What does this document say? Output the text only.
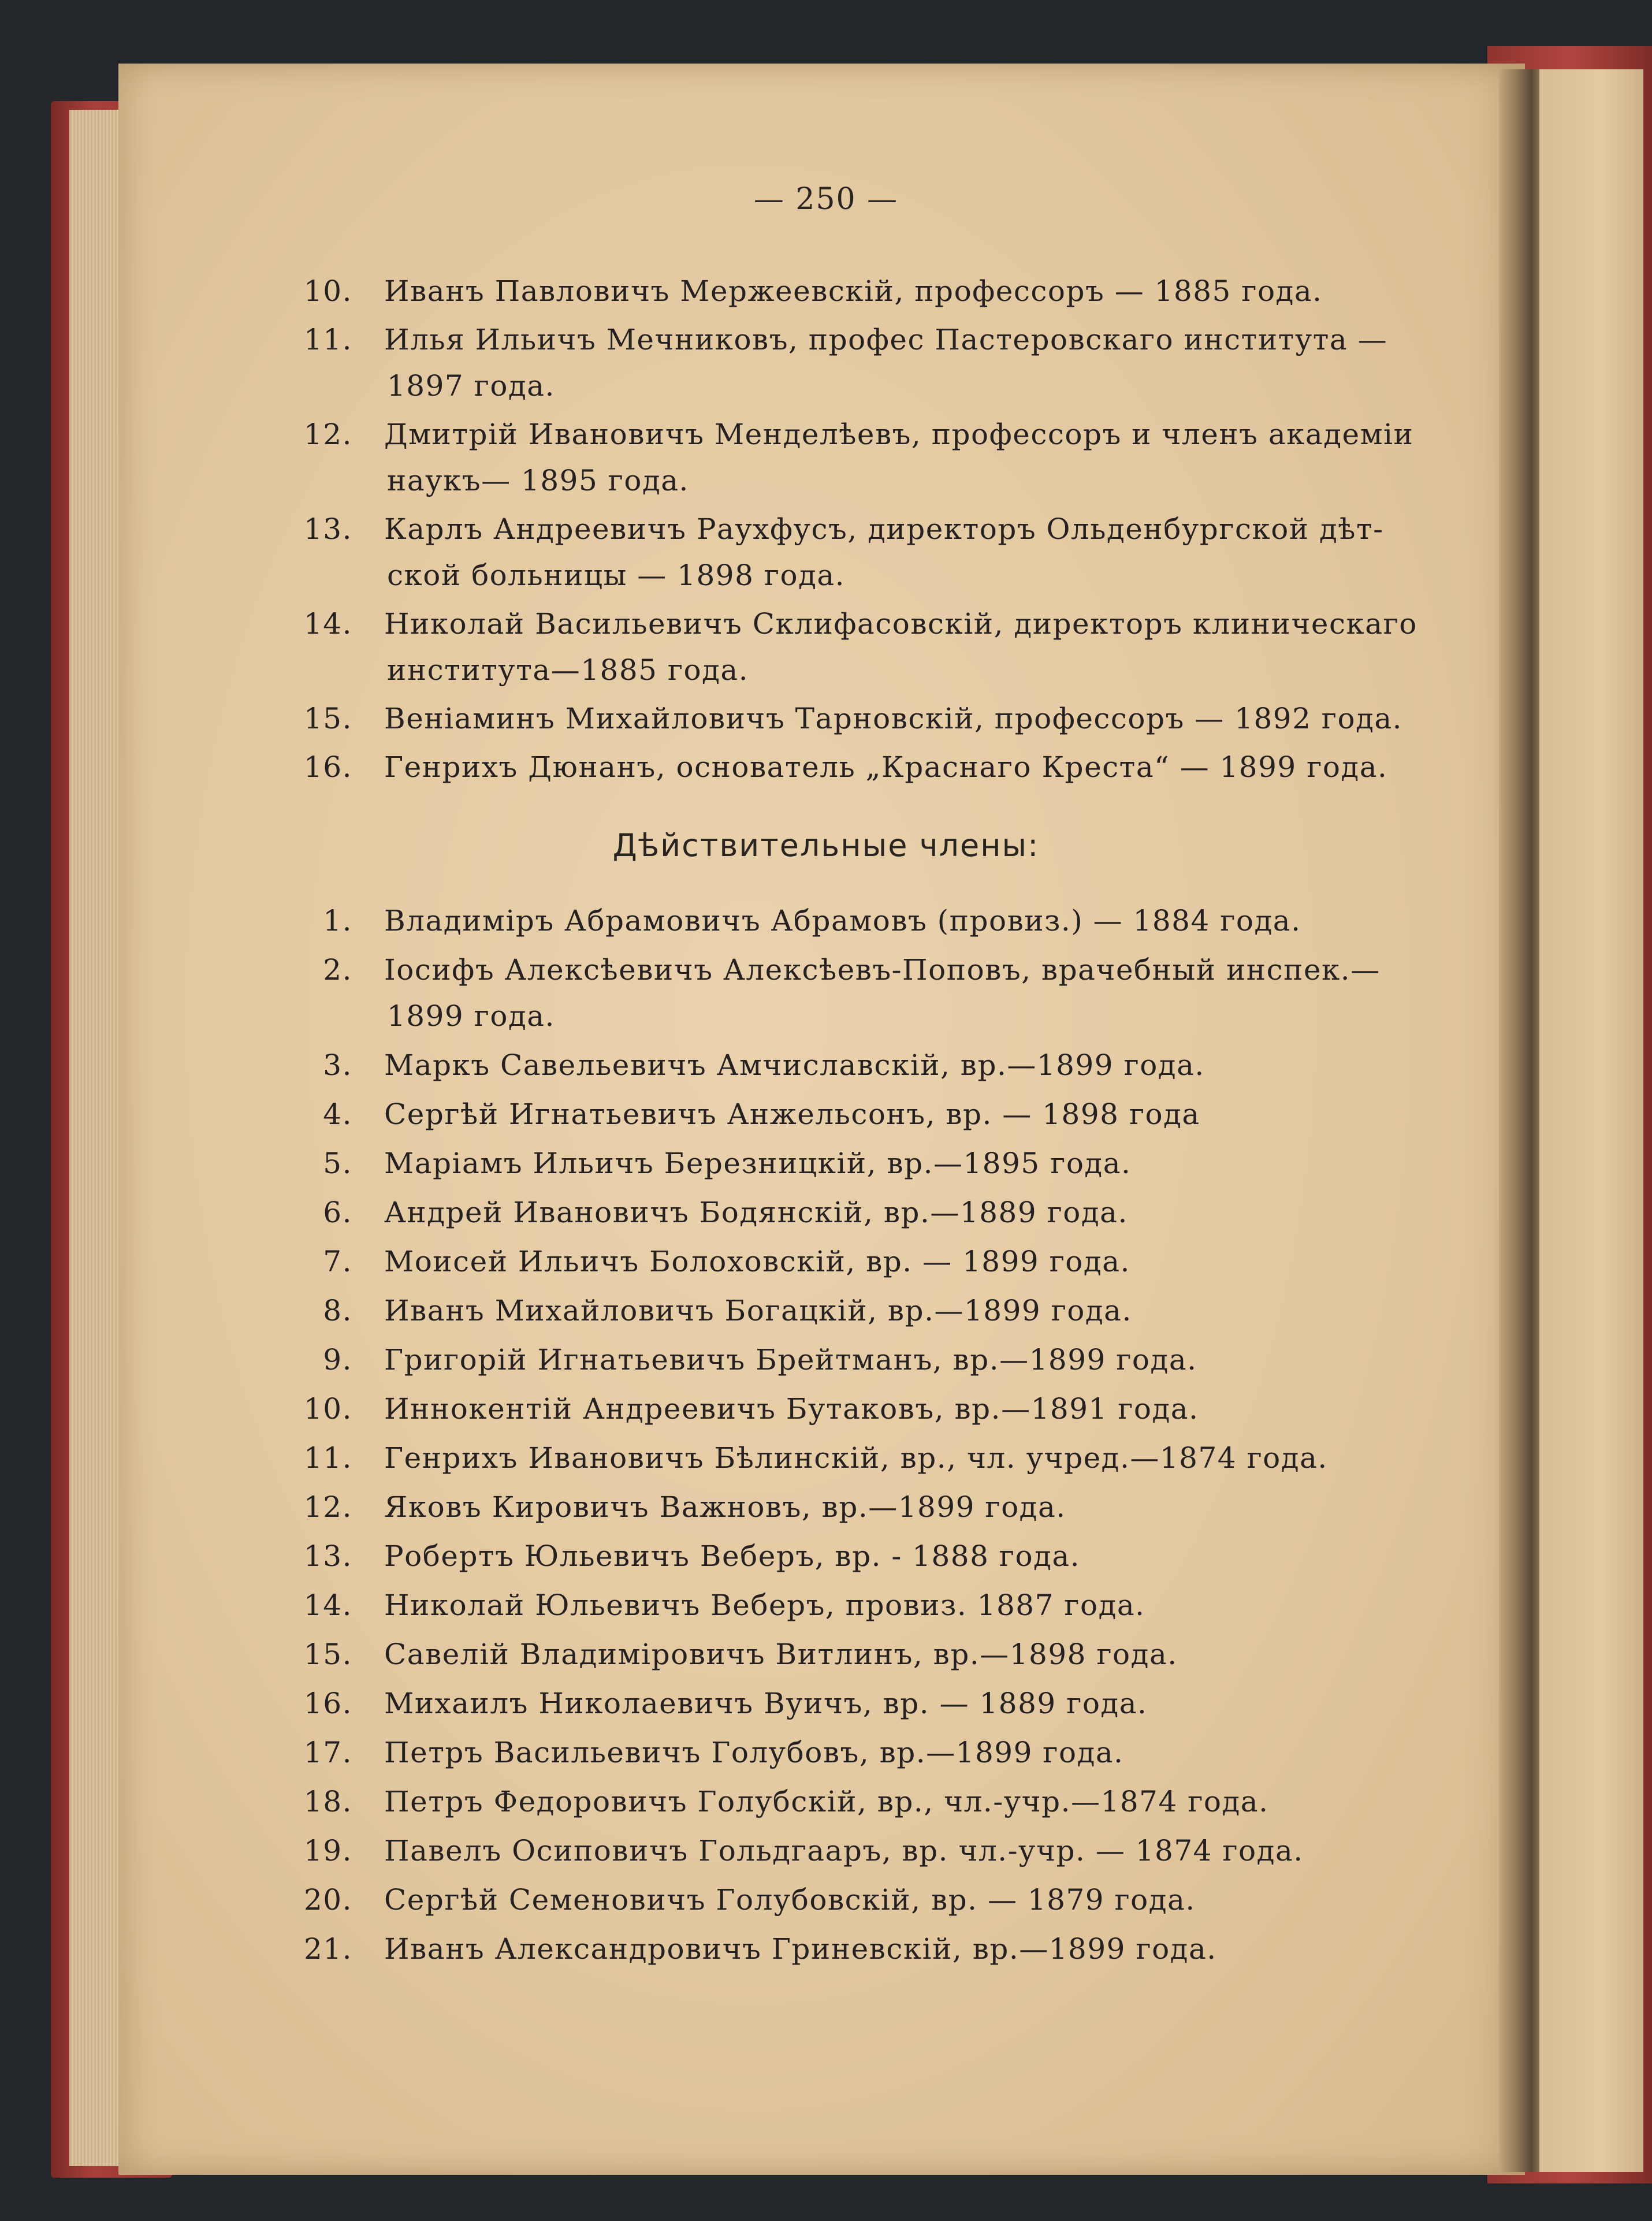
— 250 —
10. Иванъ Павловичъ Мержеевскій, профессоръ — 1885 года.
11. Илья Ильичъ Мечниковъ, профес Пастеровскаго института —
1897 года.
12. Дмитрій Ивановичъ Менделѣевъ, профессоръ и членъ академіи
наукъ— 1895 года.
13. Карлъ Андреевичъ Раухфусъ, директоръ Ольденбургской дѣт-
ской больницы — 1898 года.
14. Николай Васильевичъ Склифасовскій, директоръ клиническаго
института—1885 года.
15. Веніаминъ Михайловичъ Тарновскій, профессоръ — 1892 года.
16. Генрихъ Дюнанъ, основатель „Краснаго Креста“ — 1899 года.
Дѣйствительные члены:
1. Владиміръ Абрамовичъ Абрамовъ (провиз.) — 1884 года.
2. Іосифъ Алексѣевичъ Алексѣевъ-Поповъ, врачебный инспек.—
1899 года.
3. Маркъ Савельевичъ Амчиславскій, вр.—1899 года.
4. Сергѣй Игнатьевичъ Анжельсонъ, вр. — 1898 года
5. Маріамъ Ильичъ Березницкій, вр.—1895 года.
6. Андрей Ивановичъ Бодянскій, вр.—1889 года.
7. Моисей Ильичъ Болоховскій, вр. — 1899 года.
8. Иванъ Михайловичъ Богацкій, вр.—1899 года.
9. Григорій Игнатьевичъ Брейтманъ, вр.—1899 года.
10. Иннокентій Андреевичъ Бутаковъ, вр.—1891 года.
11. Генрихъ Ивановичъ Бѣлинскій, вр., чл. учред.—1874 года.
12. Яковъ Кировичъ Важновъ, вр.—1899 года.
13. Робертъ Юльевичъ Веберъ, вр. - 1888 года.
14. Николай Юльевичъ Веберъ, провиз. 1887 года.
15. Савелій Владиміровичъ Витлинъ, вр.—1898 года.
16. Михаилъ Николаевичъ Вуичъ, вр. — 1889 года.
17. Петръ Васильевичъ Голубовъ, вр.—1899 года.
18. Петръ Федоровичъ Голубскій, вр., чл.-учр.—1874 года.
19. Павелъ Осиповичъ Гольдгааръ, вр. чл.-учр. — 1874 года.
20. Сергѣй Семеновичъ Голубовскій, вр. — 1879 года.
21. Иванъ Александровичъ Гриневскій, вр.—1899 года.
